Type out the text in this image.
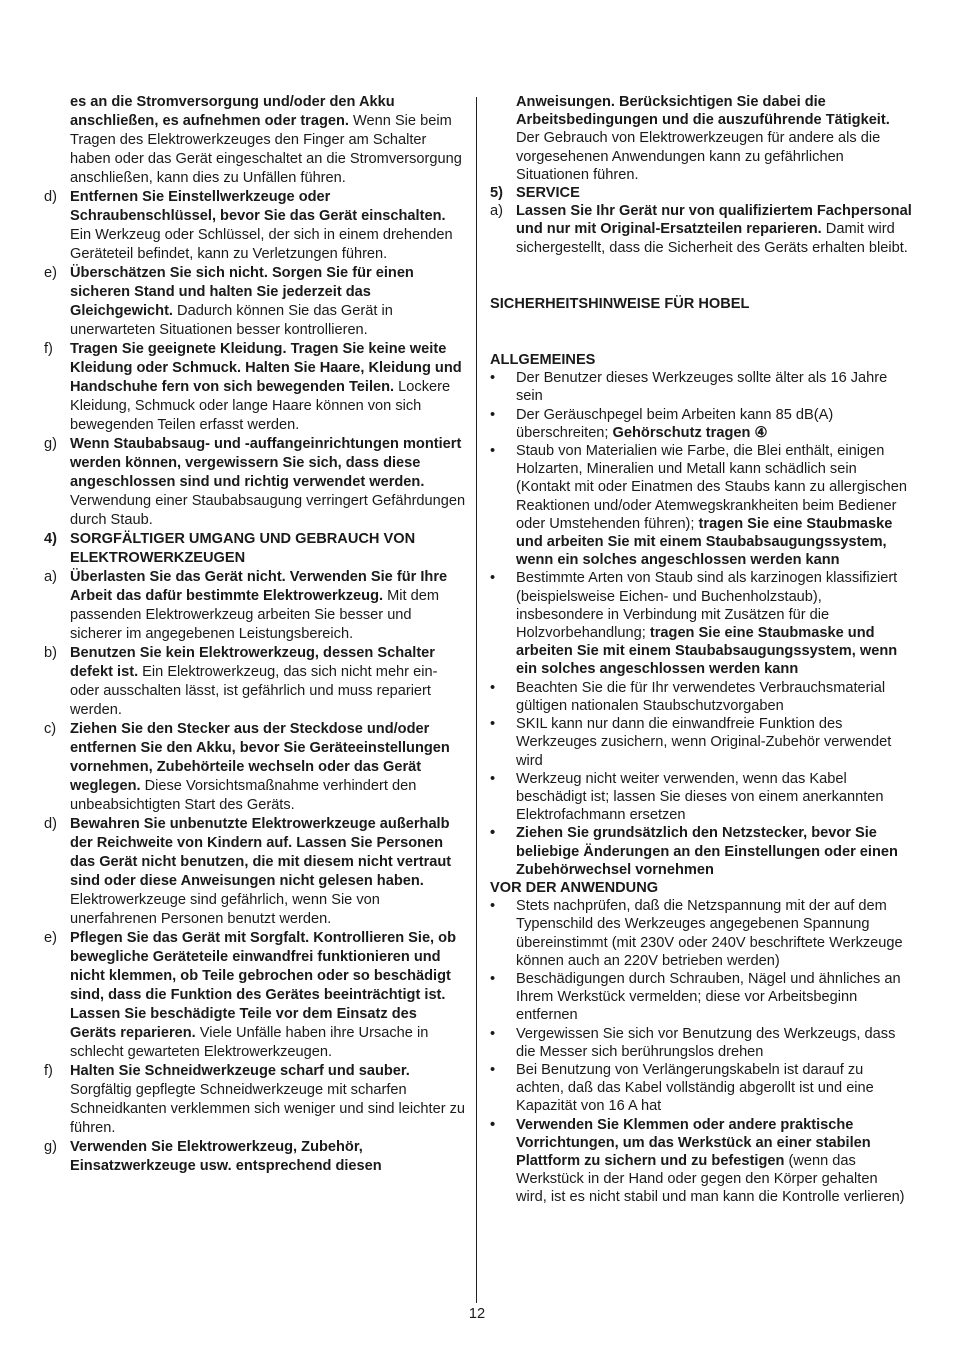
es an die Stromversorgung und/oder den Akku anschließen, es aufnehmen oder tragen. Wenn Sie beim Tragen des Elektrowerkzeuges den Finger am Schalter haben oder das Gerät eingeschaltet an die Stromversorgung anschließen, kann dies zu Unfällen führen.
d) Entfernen Sie Einstellwerkzeuge oder Schraubenschlüssel, bevor Sie das Gerät einschalten. Ein Werkzeug oder Schlüssel, der sich in einem drehenden Geräteteil befindet, kann zu Verletzungen führen.
e) Überschätzen Sie sich nicht. Sorgen Sie für einen sicheren Stand und halten Sie jederzeit das Gleichgewicht. Dadurch können Sie das Gerät in unerwarteten Situationen besser kontrollieren.
f)	Tragen Sie geeignete Kleidung. Tragen Sie keine weite Kleidung oder Schmuck. Halten Sie Haare, Kleidung und Handschuhe fern von sich bewegenden Teilen. Lockere Kleidung, Schmuck oder lange Haare können von sich bewegenden Teilen erfasst werden.
g) Wenn Staubabsaug- und -auffangeinrichtungen montiert werden können, vergewissern Sie sich, dass diese angeschlossen sind und richtig verwendet werden. Verwendung einer Staubabsaugung verringert Gefährdungen durch Staub.
4) SORGFÄLTIGER UMGANG UND GEBRAUCH VON ELEKTROWERKZEUGEN
a) Überlasten Sie das Gerät nicht. Verwenden Sie für Ihre Arbeit das dafür bestimmte Elektrowerkzeug. Mit dem passenden Elektrowerkzeug arbeiten Sie besser und sicherer im angegebenen Leistungsbereich.
b) Benutzen Sie kein Elektrowerkzeug, dessen Schalter defekt ist. Ein Elektrowerkzeug, das sich nicht mehr ein- oder ausschalten lässt, ist gefährlich und muss repariert werden.
c) Ziehen Sie den Stecker aus der Steckdose und/oder entfernen Sie den Akku, bevor Sie Geräteeinstellungen vornehmen, Zubehörteile wechseln oder das Gerät weglegen. Diese Vorsichtsmaßnahme verhindert den unbeabsichtigten Start des Geräts.
d) Bewahren Sie unbenutzte Elektrowerkzeuge außerhalb der Reichweite von Kindern auf. Lassen Sie Personen das Gerät nicht benutzen, die mit diesem nicht vertraut sind oder diese Anweisungen nicht gelesen haben. Elektrowerkzeuge sind gefährlich, wenn Sie von unerfahrenen Personen benutzt werden.
e) Pflegen Sie das Gerät mit Sorgfalt. Kontrollieren Sie, ob bewegliche Geräteteile einwandfrei funktionieren und nicht klemmen, ob Teile gebrochen oder so beschädigt sind, dass die Funktion des Gerätes beeinträchtigt ist. Lassen Sie beschädigte Teile vor dem Einsatz des Geräts reparieren. Viele Unfälle haben ihre Ursache in schlecht gewarteten Elektrowerkzeugen.
f)	Halten Sie Schneidwerkzeuge scharf und sauber. Sorgfältig gepflegte Schneidwerkzeuge mit scharfen Schneidkanten verklemmen sich weniger und sind leichter zu führen.
g) Verwenden Sie Elektrowerkzeug, Zubehör, Einsatzwerkzeuge usw. entsprechend diesen
Anweisungen. Berücksichtigen Sie dabei die Arbeitsbedingungen und die auszuführende Tätigkeit. Der Gebrauch von Elektrowerkzeugen für andere als die vorgesehenen Anwendungen kann zu gefährlichen Situationen führen.
5) SERVICE
a) Lassen Sie Ihr Gerät nur von qualifiziertem Fachpersonal und nur mit Original-Ersatzteilen reparieren. Damit wird sichergestellt, dass die Sicherheit des Geräts erhalten bleibt.
SICHERHEITSHINWEISE FÜR HOBEL
ALLGEMEINES
•	Der Benutzer dieses Werkzeuges sollte älter als 16 Jahre sein
•	Der Geräuschpegel beim Arbeiten kann 85 dB(A) überschreiten; Gehörschutz tragen ④
•	Staub von Materialien wie Farbe, die Blei enthält, einigen Holzarten, Mineralien und Metall kann schädlich sein (Kontakt mit oder Einatmen des Staubs kann zu allergischen Reaktionen und/oder Atemwegskrankheiten beim Bediener oder Umstehenden führen); tragen Sie eine Staubmaske und arbeiten Sie mit einem Staubabsaugungssystem, wenn ein solches angeschlossen werden kann
•	Bestimmte Arten von Staub sind als karzinogen klassifiziert (beispielsweise Eichen- und Buchenholzstaub), insbesondere in Verbindung mit Zusätzen für die Holzvorbehandlung; tragen Sie eine Staubmaske und arbeiten Sie mit einem Staubabsaugungssystem, wenn ein solches angeschlossen werden kann
•	Beachten Sie die für Ihr verwendetes Verbrauchsmaterial gültigen nationalen Staubschutzvorgaben
•	SKIL kann nur dann die einwandfreie Funktion des Werkzeuges zusichern, wenn Original-Zubehör verwendet wird
•	Werkzeug nicht weiter verwenden, wenn das Kabel beschädigt ist; lassen Sie dieses von einem anerkannten Elektrofachmann ersetzen
•	Ziehen Sie grundsätzlich den Netzstecker, bevor Sie beliebige Änderungen an den Einstellungen oder einen Zubehörwechsel vornehmen
VOR DER ANWENDUNG
•	Stets nachprüfen, daß die Netzspannung mit der auf dem Typenschild des Werkzeuges angegebenen Spannung übereinstimmt (mit 230V oder 240V beschriftete Werkzeuge können auch an 220V betrieben werden)
•	Beschädigungen durch Schrauben, Nägel und ähnliches an Ihrem Werkstück vermelden; diese vor Arbeitsbeginn entfernen
•	Vergewissen Sie sich vor Benutzung des Werkzeugs, dass die Messer sich berührungslos drehen
•	Bei Benutzung von Verlängerungskabeln ist darauf zu achten, daß das Kabel vollständig abgerollt ist und eine Kapazität von 16 A hat
•	Verwenden Sie Klemmen oder andere praktische Vorrichtungen, um das Werkstück an einer stabilen Plattform zu sichern und zu befestigen (wenn das Werkstück in der Hand oder gegen den Körper gehalten wird, ist es nicht stabil und man kann die Kontrolle verlieren)
12
